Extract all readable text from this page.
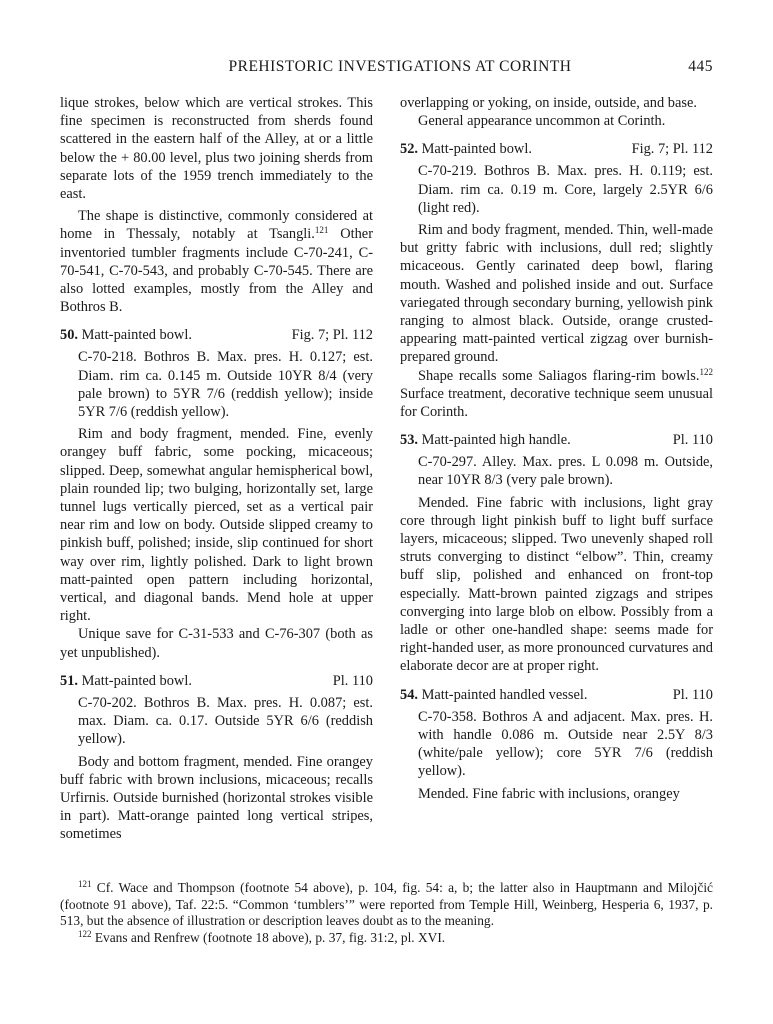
PREHISTORIC INVESTIGATIONS AT CORINTH	445

lique strokes, below which are vertical strokes. This fine specimen is reconstructed from sherds found scattered in the eastern half of the Alley, at or a little below the + 80.00 level, plus two joining sherds from separate lots of the 1959 trench immediately to the east.

The shape is distinctive, commonly considered at home in Thessaly, notably at Tsangli.$^{121}$ Other inventoried tumbler fragments include C-70-241, C-70-541, C-70-543, and probably C-70-545. There are also lotted examples, mostly from the Alley and Bothros B.

50. Matt-painted bowl.	Fig. 7; Pl. 112

C-70-218. Bothros B. Max. pres. H. 0.127; est. Diam. rim ca. 0.145 m. Outside 10YR 8/4 (very pale brown) to 5YR 7/6 (reddish yellow); inside 5YR 7/6 (reddish yellow).

Rim and body fragment, mended. Fine, evenly orangey buff fabric, some pocking, micaceous; slipped. Deep, somewhat angular hemispherical bowl, plain rounded lip; two bulging, horizontally set, large tunnel lugs vertically pierced, set as a vertical pair near rim and low on body. Outside slipped creamy to pinkish buff, polished; inside, slip continued for short way over rim, lightly polished. Dark to light brown matt-painted open pattern including horizontal, vertical, and diagonal bands. Mend hole at upper right.

Unique save for C-31-533 and C-76-307 (both as yet unpublished).

51. Matt-painted bowl.	Pl. 110

C-70-202. Bothros B. Max. pres. H. 0.087; est. max. Diam. ca. 0.17. Outside 5YR 6/6 (reddish yellow).

Body and bottom fragment, mended. Fine orangey buff fabric with brown inclusions, micaceous; recalls Urfirnis. Outside burnished (horizontal strokes visible in part). Matt-orange painted long vertical stripes, sometimes

overlapping or yoking, on inside, outside, and base.

General appearance uncommon at Corinth.

52. Matt-painted bowl.	Fig. 7; Pl. 112

C-70-219. Bothros B. Max. pres. H. 0.119; est. Diam. rim ca. 0.19 m. Core, largely 2.5YR 6/6 (light red).

Rim and body fragment, mended. Thin, well-made but gritty fabric with inclusions, dull red; slightly micaceous. Gently carinated deep bowl, flaring mouth. Washed and polished inside and out. Surface variegated through secondary burning, yellowish pink ranging to almost black. Outside, orange crusted-appearing matt-painted vertical zigzag over burnish-prepared ground.

Shape recalls some Saliagos flaring-rim bowls.$^{122}$ Surface treatment, decorative technique seem unusual for Corinth.

53. Matt-painted high handle.	Pl. 110

C-70-297. Alley. Max. pres. L 0.098 m. Outside, near 10YR 8/3 (very pale brown).

Mended. Fine fabric with inclusions, light gray core through light pinkish buff to light buff surface layers, micaceous; slipped. Two unevenly shaped roll struts converging to distinct “elbow”. Thin, creamy buff slip, polished and enhanced on front-top especially. Matt-brown painted zigzags and stripes converging into large blob on elbow. Possibly from a ladle or other one-handled shape: seems made for right-handed user, as more pronounced curvatures and elaborate decor are at proper right.

54. Matt-painted handled vessel.	Pl. 110

C-70-358. Bothros A and adjacent. Max. pres. H. with handle 0.086 m. Outside near 2.5Y 8/3 (white/pale yellow); core 5YR 7/6 (reddish yellow).

Mended. Fine fabric with inclusions, orangey

$^{121}$ Cf. Wace and Thompson (footnote 54 above), p. 104, fig. 54: a, b; the latter also in Hauptmann and Milojčić (footnote 91 above), Taf. 22:5. “Common ‘tumblers’” were reported from Temple Hill, Weinberg, Hesperia 6, 1937, p. 513, but the absence of illustration or description leaves doubt as to the meaning.

$^{122}$ Evans and Renfrew (footnote 18 above), p. 37, fig. 31:2, pl. XVI.
